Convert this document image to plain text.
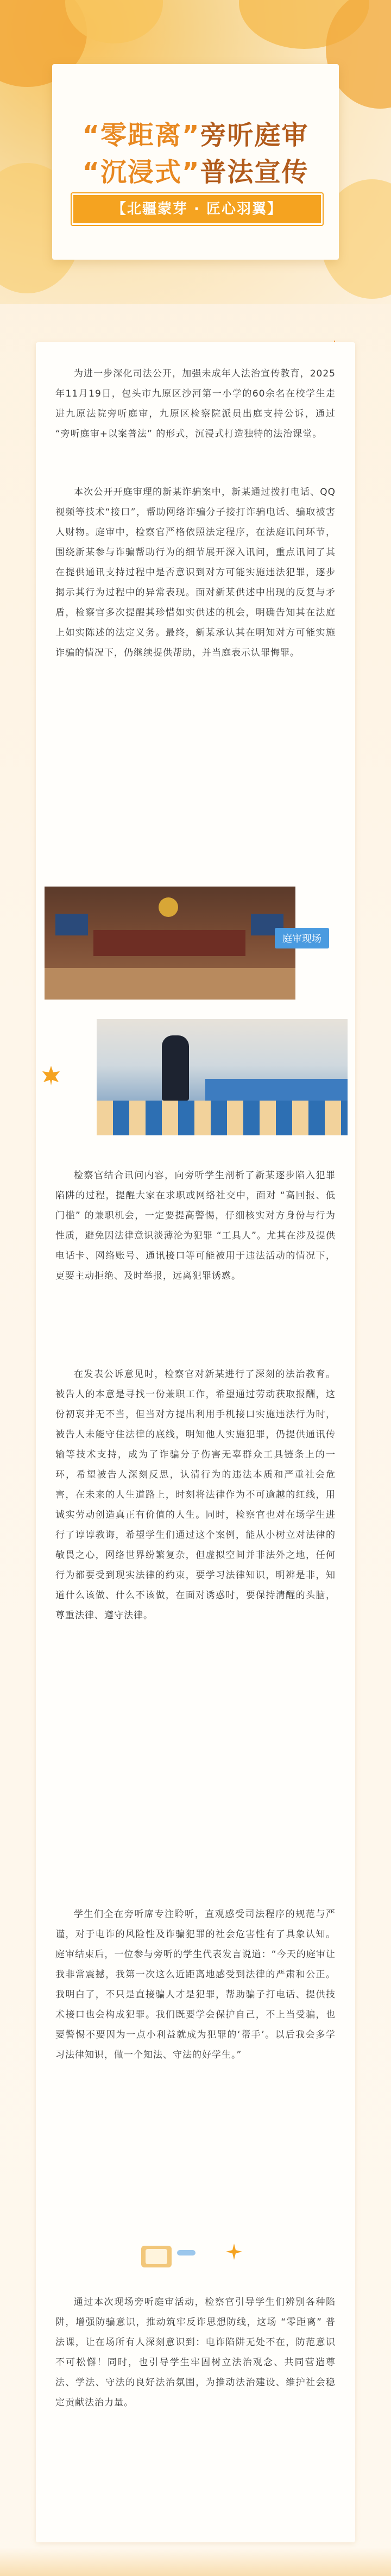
“零距离”旁听庭审
“沉浸式”普法宣传
【北疆蒙芽 · 匠心羽翼】

为进一步深化司法公开，加强未成年人法治宣传教育，2025年11月19日，包头市九原区沙河第一小学的60余名在校学生走进九原法院旁听庭审，九原区检察院派员出庭支持公诉，通过 “旁听庭审+以案普法” 的形式，沉浸式打造独特的法治课堂。

本次公开开庭审理的新某诈骗案中，新某通过拨打电话、QQ视频等技术“接口”，帮助网络诈骗分子接打诈骗电话、骗取被害人财物。庭审中，检察官严格依照法定程序，在法庭讯问环节，围绕新某参与诈骗帮助行为的细节展开深入讯问，重点讯问了其在提供通讯支持过程中是否意识到对方可能实施违法犯罪，逐步揭示其行为过程中的异常表现。面对新某供述中出现的反复与矛盾，检察官多次提醒其珍惜如实供述的机会，明确告知其在法庭上如实陈述的法定义务。最终，新某承认其在明知对方可能实施诈骗的情况下，仍继续提供帮助，并当庭表示认罪悔罪。

庭审现场

检察官结合讯问内容，向旁听学生剖析了新某逐步陷入犯罪陷阱的过程，提醒大家在求职或网络社交中，面对 “高回报、低门槛” 的兼职机会，一定要提高警惕，仔细核实对方身份与行为性质，避免因法律意识淡薄沦为犯罪 “工具人”。尤其在涉及提供电话卡、网络账号、通讯接口等可能被用于违法活动的情况下，更要主动拒绝、及时举报，远离犯罪诱惑。

在发表公诉意见时，检察官对新某进行了深刻的法治教育。被告人的本意是寻找一份兼职工作，希望通过劳动获取报酬，这份初衷并无不当，但当对方提出利用手机接口实施违法行为时，被告人未能守住法律的底线，明知他人实施犯罪，仍提供通讯传输等技术支持，成为了诈骗分子伤害无辜群众工具链条上的一环，希望被告人深刻反思，认清行为的违法本质和严重社会危害，在未来的人生道路上，时刻将法律作为不可逾越的红线，用诚实劳动创造真正有价值的人生。同时，检察官也对在场学生进行了谆谆教诲，希望学生们通过这个案例，能从小树立对法律的敬畏之心，网络世界纷繁复杂，但虚拟空间并非法外之地，任何行为都要受到现实法律的约束，要学习法律知识，明辨是非，知道什么该做、什么不该做，在面对诱惑时，要保持清醒的头脑，尊重法律、遵守法律。

学生们全在旁听席专注聆听，直观感受司法程序的规范与严谨，对于电诈的风险性及诈骗犯罪的社会危害性有了具象认知。庭审结束后，一位参与旁听的学生代表发言说道：“今天的庭审让我非常震撼，我第一次这么近距离地感受到法律的严肃和公正。我明白了，不只是直接骗人才是犯罪，帮助骗子打电话、提供技术接口也会构成犯罪。我们既要学会保护自己，不上当受骗，也要警惕不要因为一点小利益就成为犯罪的‘帮手’。以后我会多学习法律知识，做一个知法、守法的好学生。”

通过本次现场旁听庭审活动，检察官引导学生们辨别各种陷阱，增强防骗意识，推动筑牢反诈思想防线，这场 “零距离” 普法课，让在场所有人深刻意识到：电诈陷阱无处不在，防范意识不可松懈！同时，也引导学生牢固树立法治观念、共同营造尊法、学法、守法的良好法治氛围，为推动法治建设、维护社会稳定贡献法治力量。
